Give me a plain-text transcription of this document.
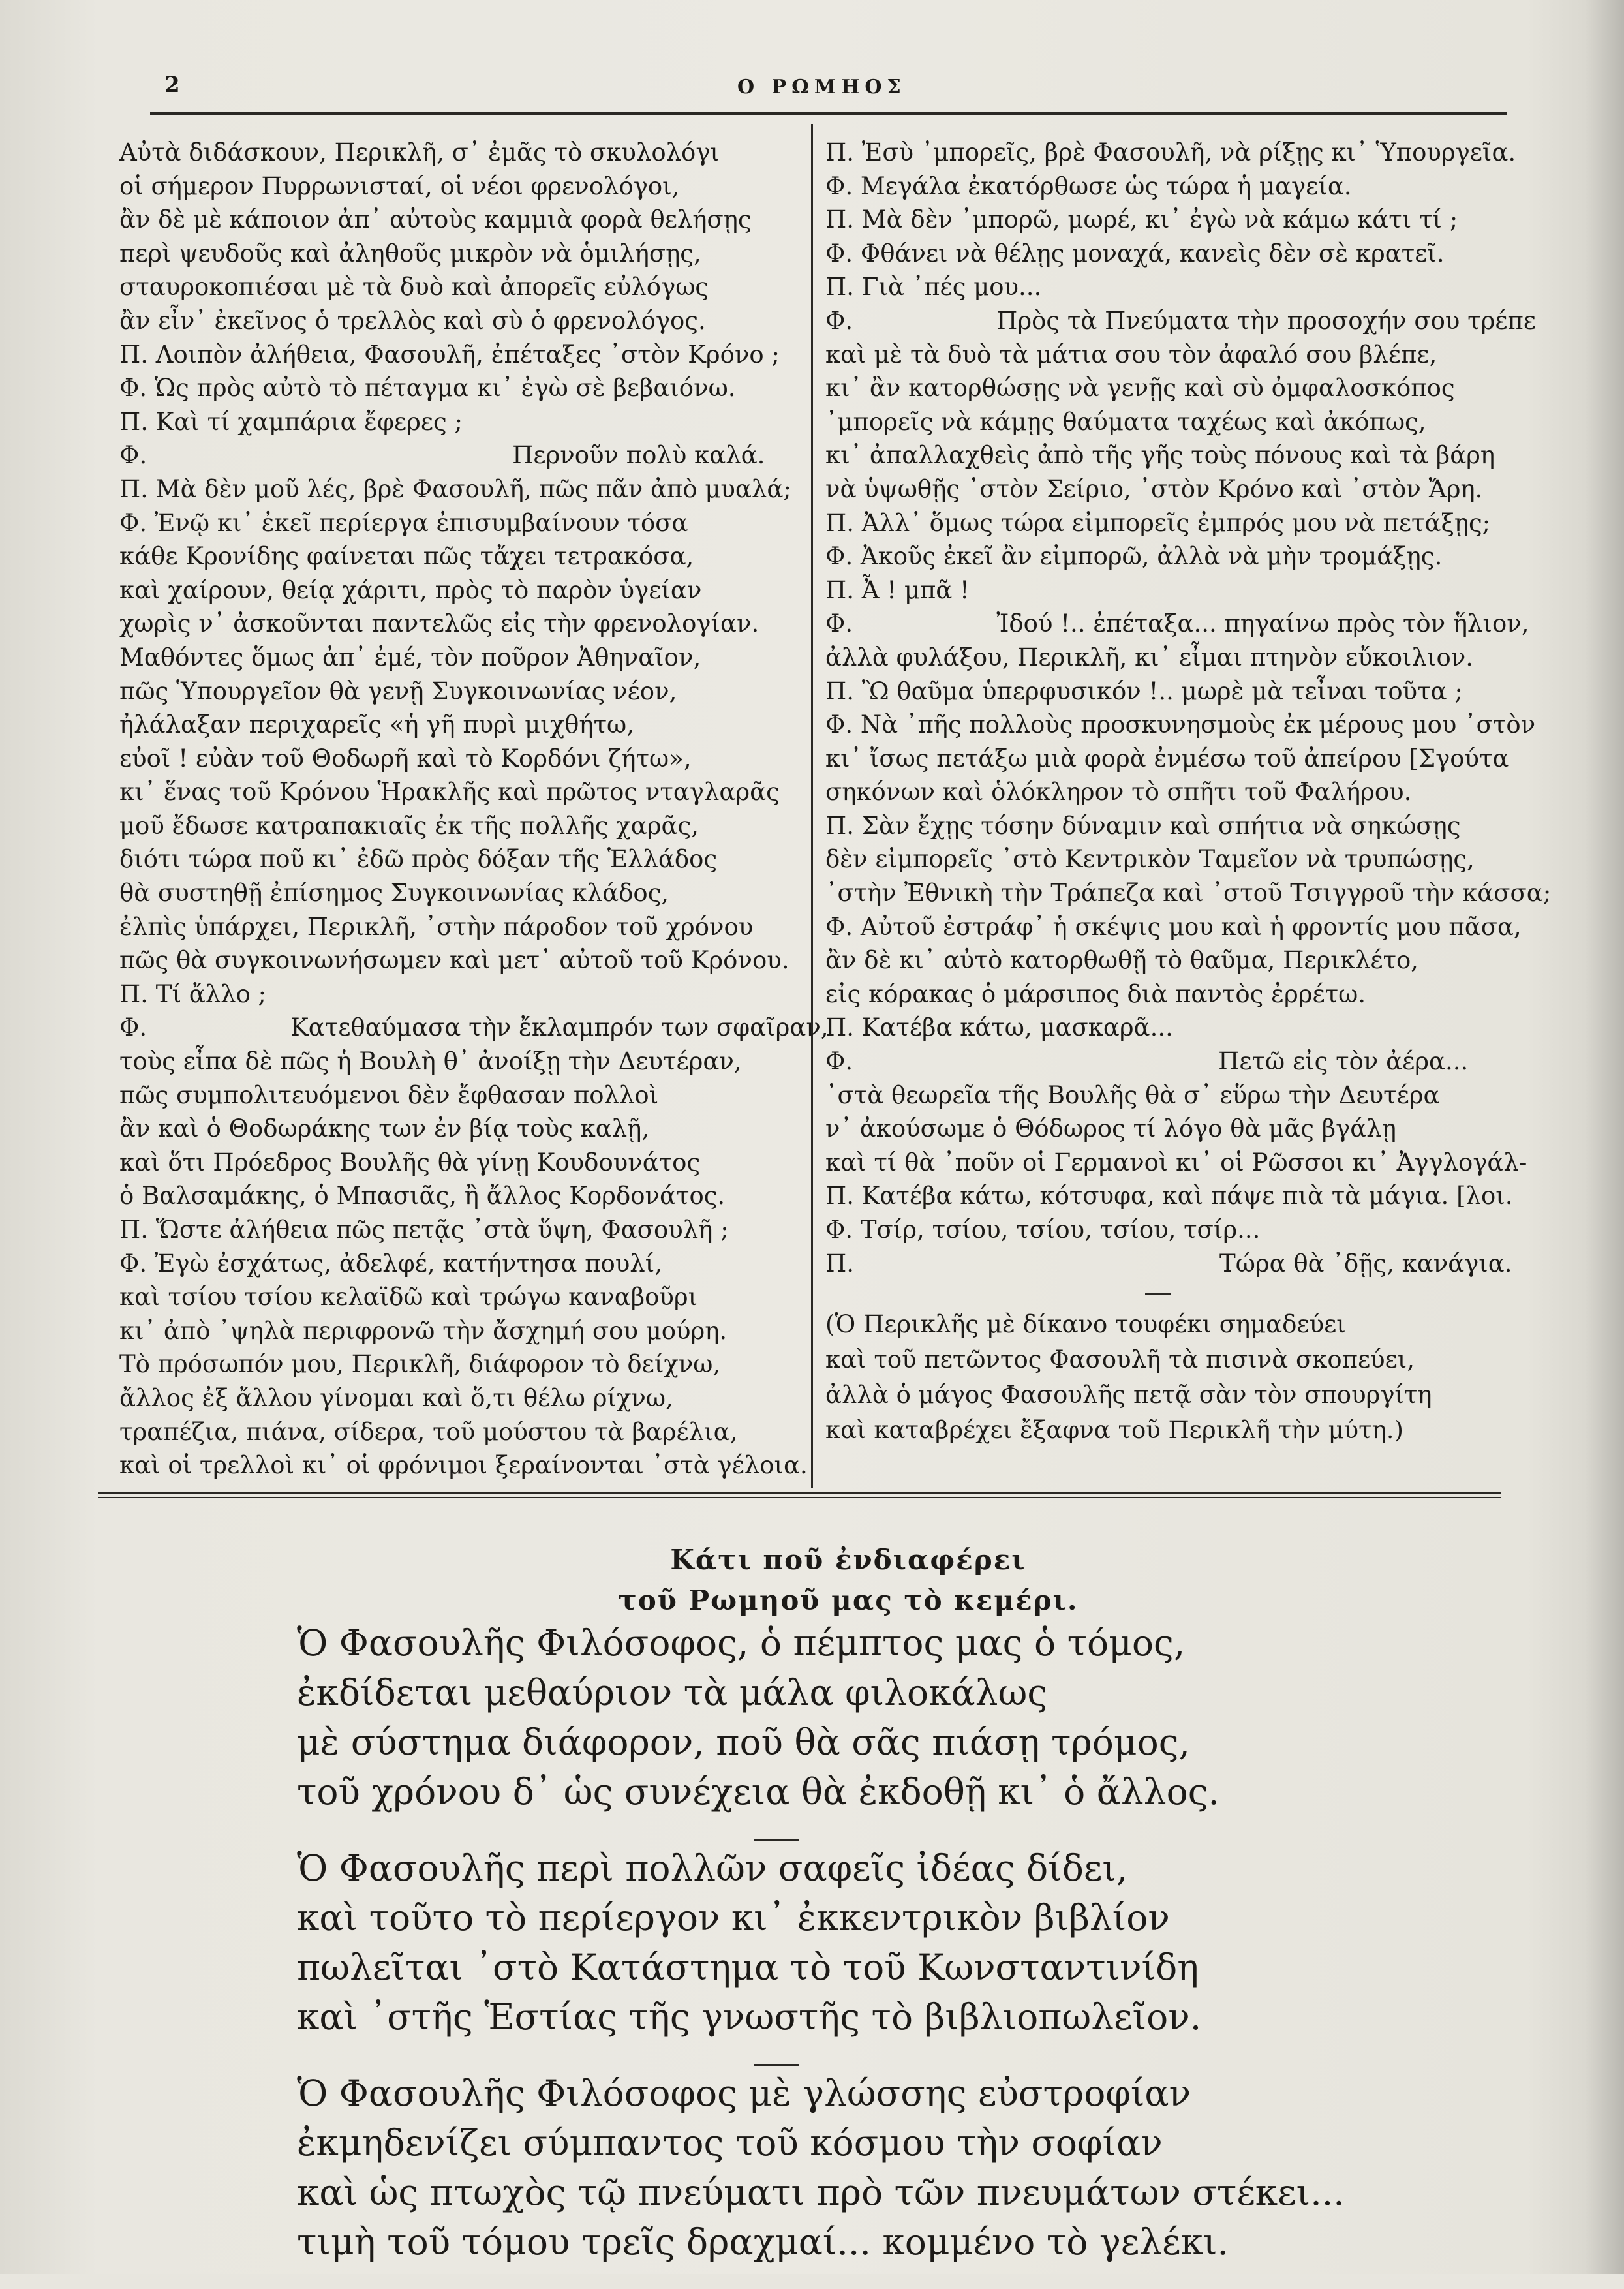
2	Ο ΡΩΜΗΟΣ
Αὐτὰ διδάσκουν, Περικλῆ, σ᾽ ἐμᾶς τὸ σκυλολόγι
οἱ σήμερον Πυρρωνισταί, οἱ νέοι φρενολόγοι,
ἂν δὲ μὲ κάποιον ἀπ᾽ αὐτοὺς καμμιὰ φορὰ θελήσῃς
περὶ ψευδοῦς καὶ ἀληθοῦς μικρὸν νὰ ὁμιλήσῃς,
σταυροκοπιέσαι μὲ τὰ δυὸ καὶ ἀπορεῖς εὐλόγως
ἂν εἶν᾽ ἐκεῖνος ὁ τρελλὸς καὶ σὺ ὁ φρενολόγος.
Π. Λοιπὸν ἀλήθεια, Φασουλῆ, ἐπέταξες ᾽στὸν Κρόνο ;
Φ. Ὡς πρὸς αὐτὸ τὸ πέταγμα κι᾽ ἐγὼ σὲ βεβαιόνω.
Π. Καὶ τί χαμπάρια ἔφερες ;
Φ.	Περνοῦν πολὺ καλά.
Π. Μὰ δὲν μοῦ λές, βρὲ Φασουλῆ, πῶς πᾶν ἀπὸ μυαλά;
Φ. Ἐνῷ κι᾽ ἐκεῖ περίεργα ἐπισυμβαίνουν τόσα
κάθε Κρονίδης φαίνεται πῶς τἄχει τετρακόσα,
καὶ χαίρουν, θείᾳ χάριτι, πρὸς τὸ παρὸν ὑγείαν
χωρὶς ν᾽ ἀσκοῦνται παντελῶς εἰς τὴν φρενολογίαν.
Μαθόντες ὅμως ἀπ᾽ ἐμέ, τὸν ποῦρον Ἀθηναῖον,
πῶς Ὑπουργεῖον θὰ γενῇ Συγκοινωνίας νέον,
ἠλάλαξαν περιχαρεῖς «ἡ γῆ πυρὶ μιχθήτω,
εὐοῖ ! εὐὰν τοῦ Θοδωρῆ καὶ τὸ Κορδόνι ζήτω»,
κι᾽ ἕνας τοῦ Κρόνου Ἡρακλῆς καὶ πρῶτος νταγλαρᾶς
μοῦ ἔδωσε κατραπακιαῖς ἐκ τῆς πολλῆς χαρᾶς,
διότι τώρα ποῦ κι᾽ ἐδῶ πρὸς δόξαν τῆς Ἑλλάδος
θὰ συστηθῇ ἐπίσημος Συγκοινωνίας κλάδος,
ἐλπὶς ὑπάρχει, Περικλῆ, ᾽στὴν πάροδον τοῦ χρόνου
πῶς θὰ συγκοινωνήσωμεν καὶ μετ᾽ αὐτοῦ τοῦ Κρόνου.
Π. Τί ἄλλο ;
Φ.	Κατεθαύμασα τὴν ἔκλαμπρόν των σφαῖραν,
τοὺς εἶπα δὲ πῶς ἡ Βουλὴ θ᾽ ἀνοίξῃ τὴν Δευτέραν,
πῶς συμπολιτευόμενοι δὲν ἔφθασαν πολλοὶ
ἂν καὶ ὁ Θοδωράκης των ἐν βίᾳ τοὺς καλῇ,
καὶ ὅτι Πρόεδρος Βουλῆς θὰ γίνῃ Κουδουνάτος
ὁ Βαλσαμάκης, ὁ Μπασιᾶς, ἢ ἄλλος Κορδονάτος.
Π. Ὥστε ἀλήθεια πῶς πετᾷς ᾽στὰ ὕψη, Φασουλῆ ;
Φ. Ἐγὼ ἐσχάτως, ἀδελφέ, κατήντησα πουλί,
καὶ τσίου τσίου κελαϊδῶ καὶ τρώγω καναβοῦρι
κι᾽ ἀπὸ ᾽ψηλὰ περιφρονῶ τὴν ἄσχημή σου μούρη.
Τὸ πρόσωπόν μου, Περικλῆ, διάφορον τὸ δείχνω,
ἄλλος ἐξ ἄλλου γίνομαι καὶ ὅ,τι θέλω ρίχνω,
τραπέζια, πιάνα, σίδερα, τοῦ μούστου τὰ βαρέλια,
καὶ οἱ τρελλοὶ κι᾽ οἱ φρόνιμοι ξεραίνονται ᾽στὰ γέλοια.
Π. Ἐσὺ ᾽μπορεῖς, βρὲ Φασουλῆ, νὰ ρίξῃς κι᾽ Ὑπουργεῖα.
Φ. Μεγάλα ἐκατόρθωσε ὡς τώρα ἡ μαγεία.
Π. Μὰ δὲν ᾽μπορῶ, μωρέ, κι᾽ ἐγὼ νὰ κάμω κάτι τί ;
Φ. Φθάνει νὰ θέλῃς μοναχά, κανεὶς δὲν σὲ κρατεῖ.
Π. Γιὰ ᾽πές μου...
Φ.	Πρὸς τὰ Πνεύματα τὴν προσοχήν σου τρέπε
καὶ μὲ τὰ δυὸ τὰ μάτια σου τὸν ἀφαλό σου βλέπε,
κι᾽ ἂν κατορθώσῃς νὰ γενῇς καὶ σὺ ὀμφαλοσκόπος
᾽μπορεῖς νὰ κάμῃς θαύματα ταχέως καὶ ἀκόπως,
κι᾽ ἀπαλλαχθεὶς ἀπὸ τῆς γῆς τοὺς πόνους καὶ τὰ βάρη
νὰ ὑψωθῇς ᾽στὸν Σείριο, ᾽στὸν Κρόνο καὶ ᾽στὸν Ἄρη.
Π. Ἀλλ᾽ ὅμως τώρα εἰμπορεῖς ἐμπρός μου νὰ πετάξῃς;
Φ. Ἀκοῦς ἐκεῖ ἂν εἰμπορῶ, ἀλλὰ νὰ μὴν τρομάξῃς.
Π. Ἆ ! μπᾶ !
Φ.	Ἰδού !.. ἐπέταξα... πηγαίνω πρὸς τὸν ἥλιον,
ἀλλὰ φυλάξου, Περικλῆ, κι᾽ εἶμαι πτηνὸν εὔκοιλιον.
Π. Ὢ θαῦμα ὑπερφυσικόν !.. μωρὲ μὰ τεἶναι τοῦτα ;
Φ. Νὰ ᾽πῆς πολλοὺς προσκυνησμοὺς ἐκ μέρους μου ᾽στὸν
κι᾽ ἴσως πετάξω μιὰ φορὰ ἐνμέσω τοῦ ἀπείρου [Σγούτα
σηκόνων καὶ ὁλόκληρον τὸ σπῆτι τοῦ Φαλήρου.
Π. Σὰν ἔχῃς τόσην δύναμιν καὶ σπήτια νὰ σηκώσῃς
δὲν εἰμπορεῖς ᾽στὸ Κεντρικὸν Ταμεῖον νὰ τρυπώσῃς,
᾽στὴν Ἐθνικὴ τὴν Τράπεζα καὶ ᾽στοῦ Τσιγγροῦ τὴν κάσσα;
Φ. Αὐτοῦ ἐστράφ᾽ ἡ σκέψις μου καὶ ἡ φροντίς μου πᾶσα,
ἂν δὲ κι᾽ αὐτὸ κατορθωθῇ τὸ θαῦμα, Περικλέτο,
εἰς κόρακας ὁ μάρσιπος διὰ παντὸς ἐρρέτω.
Π. Κατέβα κάτω, μασκαρᾶ...
Φ.	Πετῶ εἰς τὸν ἀέρα...
᾽στὰ θεωρεῖα τῆς Βουλῆς θὰ σ᾽ εὕρω τὴν Δευτέρα
ν᾽ ἀκούσωμε ὁ Θόδωρος τί λόγο θὰ μᾶς βγάλῃ
καὶ τί θὰ ᾽ποῦν οἱ Γερμανοὶ κι᾽ οἱ Ρῶσσοι κι᾽ Ἀγγλογάλ-
Π. Κατέβα κάτω, κότσυφα, καὶ πάψε πιὰ τὰ μάγια. [λοι.
Φ. Τσίρ, τσίου, τσίου, τσίου, τσίρ...
Π.	Τώρα θὰ ᾽δῇς, κανάγια.
(Ὁ Περικλῆς μὲ δίκανο τουφέκι σημαδεύει
καὶ τοῦ πετῶντος Φασουλῆ τὰ πισινὰ σκοπεύει,
ἀλλὰ ὁ μάγος Φασουλῆς πετᾷ σὰν τὸν σπουργίτη
καὶ καταβρέχει ἔξαφνα τοῦ Περικλῆ τὴν μύτη.)
Κάτι ποῦ ἐνδιαφέρει
τοῦ Ρωμηοῦ μας τὸ κεμέρι.
Ὁ Φασουλῆς Φιλόσοφος, ὁ πέμπτος μας ὁ τόμος,
ἐκδίδεται μεθαύριον τὰ μάλα φιλοκάλως
μὲ σύστημα διάφορον, ποῦ θὰ σᾶς πιάσῃ τρόμος,
τοῦ χρόνου δ᾽ ὡς συνέχεια θὰ ἐκδοθῇ κι᾽ ὁ ἄλλος.
Ὁ Φασουλῆς περὶ πολλῶν σαφεῖς ἰδέας δίδει,
καὶ τοῦτο τὸ περίεργον κι᾽ ἐκκεντρικὸν βιβλίον
πωλεῖται ᾽στὸ Κατάστημα τὸ τοῦ Κωνσταντινίδη
καὶ ᾽στῆς Ἑστίας τῆς γνωστῆς τὸ βιβλιοπωλεῖον.
Ὁ Φασουλῆς Φιλόσοφος μὲ γλώσσης εὐστροφίαν
ἐκμηδενίζει σύμπαντος τοῦ κόσμου τὴν σοφίαν
καὶ ὡς πτωχὸς τῷ πνεύματι πρὸ τῶν πνευμάτων στέκει...
τιμὴ τοῦ τόμου τρεῖς δραχμαί... κομμένο τὸ γελέκι.
